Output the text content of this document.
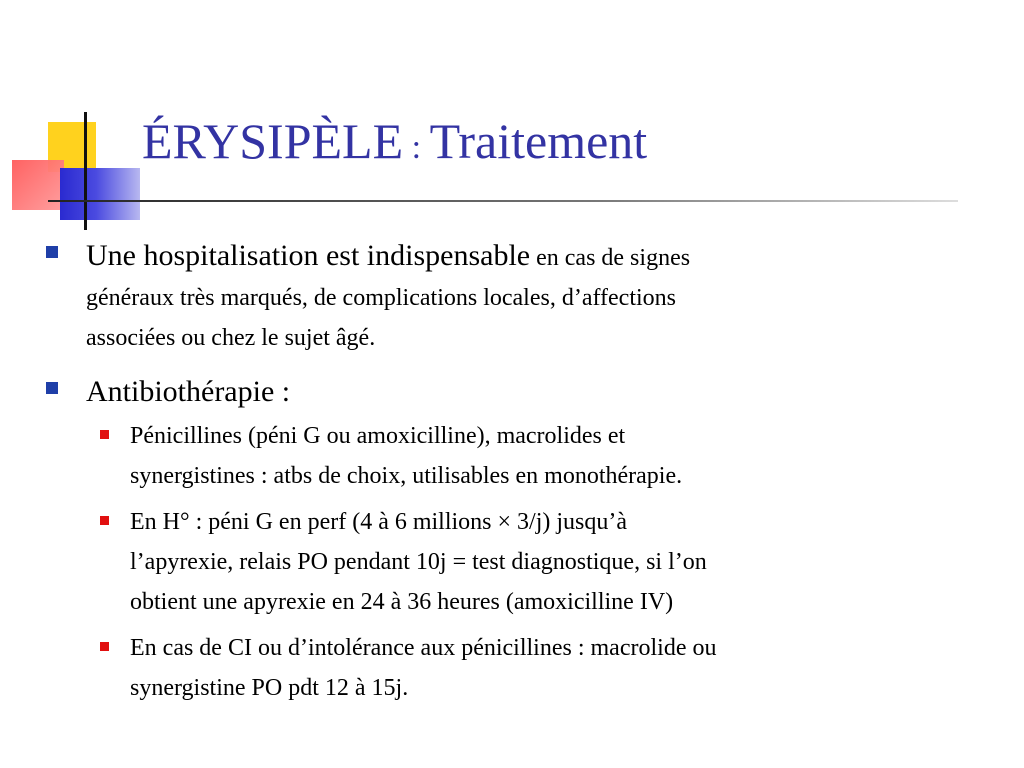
ÉRYSIPÈLE : Traitement
Une hospitalisation est indispensable en cas de signes
généraux très marqués, de complications locales, d’affections
associées ou chez le sujet âgé.
Antibiothérapie :
Pénicillines (péni G ou amoxicilline), macrolides et
synergistines : atbs de choix, utilisables en monothérapie.
En H° : péni G en perf (4 à 6 millions × 3/j) jusqu’à
l’apyrexie, relais PO pendant 10j = test diagnostique, si l’on
obtient une apyrexie en 24 à 36 heures (amoxicilline IV)
En cas de CI ou d’intolérance aux pénicillines : macrolide ou
synergistine PO pdt 12 à 15j.
